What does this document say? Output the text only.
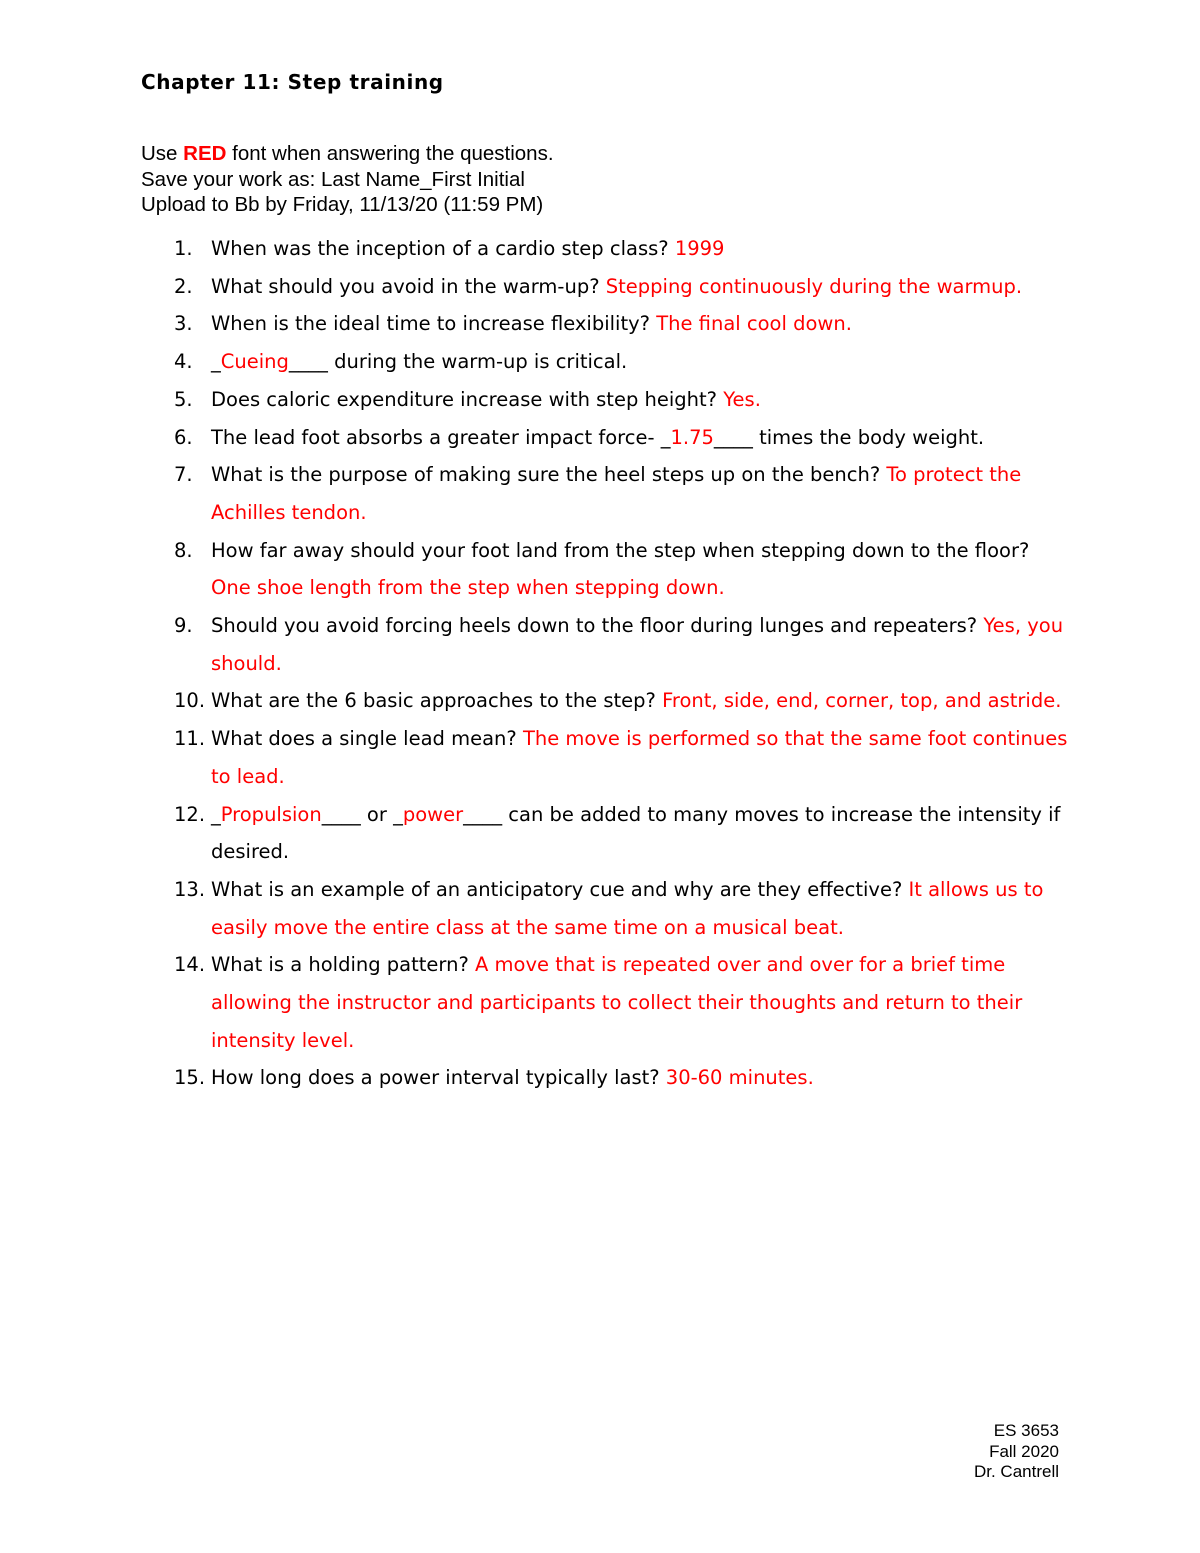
Chapter 11: Step training
Use RED font when answering the questions.
Save your work as: Last Name_First Initial
Upload to Bb by Friday, 11/13/20 (11:59 PM)
1. When was the inception of a cardio step class? 1999
2. What should you avoid in the warm-up? Stepping continuously during the warmup.
3. When is the ideal time to increase flexibility? The final cool down.
4. _Cueing____ during the warm-up is critical.
5. Does caloric expenditure increase with step height? Yes.
6. The lead foot absorbs a greater impact force- _1.75____ times the body weight.
7. What is the purpose of making sure the heel steps up on the bench? To protect the Achilles tendon.
8. How far away should your foot land from the step when stepping down to the floor? One shoe length from the step when stepping down.
9. Should you avoid forcing heels down to the floor during lunges and repeaters? Yes, you should.
10. What are the 6 basic approaches to the step? Front, side, end, corner, top, and astride.
11. What does a single lead mean? The move is performed so that the same foot continues to lead.
12. _Propulsion____ or _power____ can be added to many moves to increase the intensity if desired.
13. What is an example of an anticipatory cue and why are they effective? It allows us to easily move the entire class at the same time on a musical beat.
14. What is a holding pattern? A move that is repeated over and over for a brief time allowing the instructor and participants to collect their thoughts and return to their intensity level.
15. How long does a power interval typically last? 30-60 minutes.
ES 3653
Fall 2020
Dr. Cantrell
